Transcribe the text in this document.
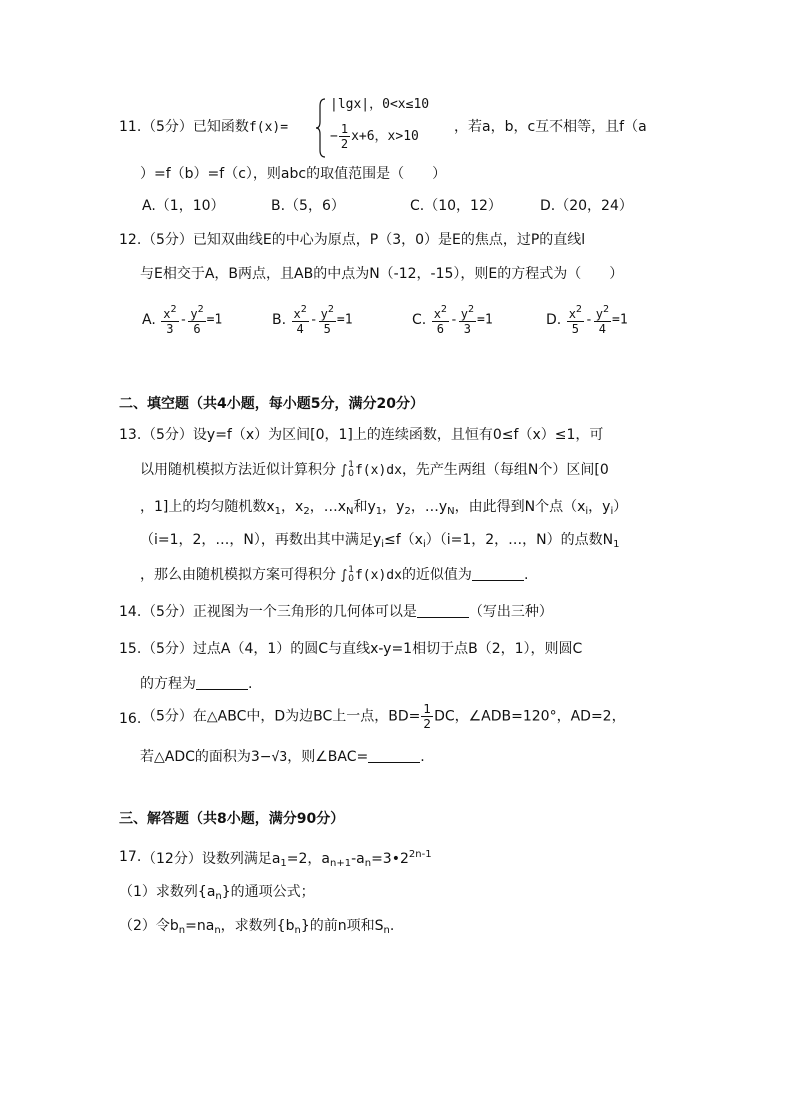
11. （5分）已知函数f(x)=
|lgx|，0<x≤10
− $\frac{1}{2} x+6$，x>10
，若a，b，c互不相等，且f（a
）=f（b）=f（c），则abc的取值范围是（　　）
A.（1，10）	B.（5，6）	C.（10，12）	D.（20，24）
12. （5分）已知双曲线E的中心为原点，P（3，0）是E的焦点，过P的直线l
与E相交于A，B两点，且AB的中点为N（-12，-15），则E的方程式为（　　）
A. $\frac{x^2}{3} - \frac{y^2}{6} =1$	B. $\frac{x^2}{4} - \frac{y^2}{5} =1$	C. $\frac{x^2}{6} - \frac{y^2}{3} =1$	D. $\frac{x^2}{5} - \frac{y^2}{4} =1$
二、填空题（共4小题，每小题5分，满分20分）
13. （5分）设y=f（x）为区间[0，1]上的连续函数，且恒有0≤f（x）≤1，可
以用随机模拟方法近似计算积分 ∫ 1
0 f(x)dx，先产生两组（每组N个）区间[0
，1]上的均匀随机数$x_1$，$x_2$，$\dots x_N$和$y_1$，$y_2$，$\dots y_N$，由此得到N个点（$x_i$，$y_i$）
（i=1，2，…，N），再数出其中满足$y_i\le f(x_i)(i=1$，2，…，N）的点数$N_1$
，那么由随机模拟方案可得积分 ∫ 1
0 f(x)dx的近似值为	.
14. （5分）正视图为一个三角形的几何体可以是	（写出三种）
15. （5分）过点A（4，1）的圆C与直线x-y=1相切于点B（2，1），则圆C
的方程为	.
16. （5分）在△ABC中，D为边BC上一点，$BD= \frac{1}{2}$ DC，∠ADB=120°，AD=2，
若△ADC的面积为3−√3，则∠BAC=	.
三、解答题（共8小题，满分90分）
17. （12分）设数列满足$a_1=2$，$a_{n+1}-a_n=3•2^{2n-1}$
（1）求数列$\{a_n\}$的通项公式；
（2）令$b_n=na_n$，求数列$\{b_n\}$的前n项和$S_n$.
